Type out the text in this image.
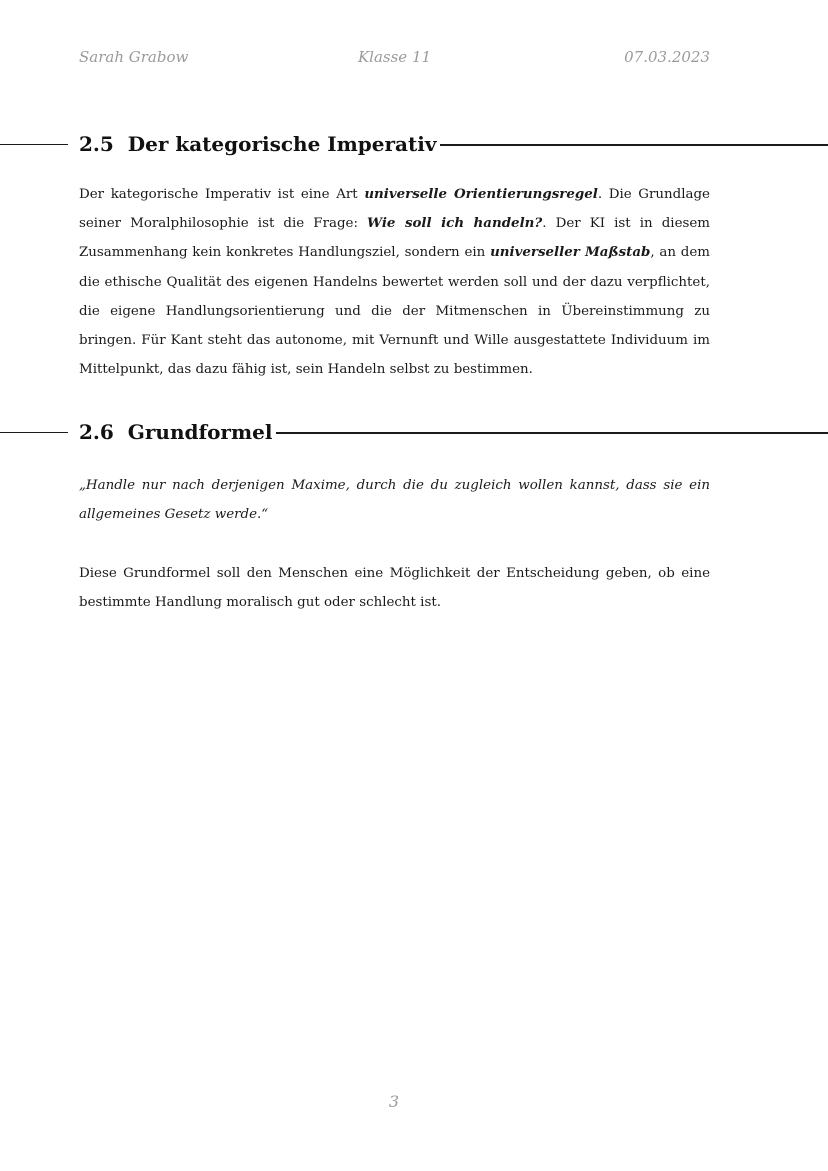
Sarah Grabow	Klasse 11	07.03.2023
2.5 Der kategorische Imperativ

Der kategorische Imperativ ist eine Art universelle Orientierungsregel. Die Grundlage seiner Moralphilosophie ist die Frage: Wie soll ich handeln?. Der KI ist in diesem Zusammenhang kein konkretes Handlungsziel, sondern ein universeller Maßstab, an dem die ethische Qualität des eigenen Handelns bewertet werden soll und der dazu verpflichtet, die eigene Handlungsorientierung und die der Mitmenschen in Übereinstimmung zu bringen. Für Kant steht das autonome, mit Vernunft und Wille ausgestattete Individuum im Mittelpunkt, das dazu fähig ist, sein Handeln selbst zu bestimmen.

2.6 Grundformel

„Handle nur nach derjenigen Maxime, durch die du zugleich wollen kannst, dass sie ein allgemeines Gesetz werde.“

Diese Grundformel soll den Menschen eine Möglichkeit der Entscheidung geben, ob eine bestimmte Handlung moralisch gut oder schlecht ist.

3
